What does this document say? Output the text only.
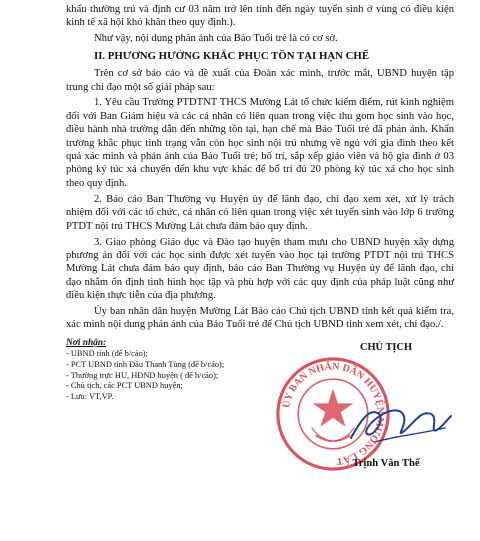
khẩu thường trú và định cư 03 năm trở lên tính đến ngày tuyển sinh ở vùng có điều kiện kinh tế xã hội khó khăn theo quy định.).

Như vậy, nội dung phản ánh của Báo Tuổi trẻ là có cơ sở.

II. PHƯƠNG HƯỚNG KHẮC PHỤC TỒN TẠI HẠN CHẾ

Trên cơ sở báo cáo và đề xuất của Đoàn xác minh, trước mắt, UBND huyện tập trung chỉ đạo một số giải pháp sau:

1. Yêu cầu Trường PTDTNT THCS Mường Lát tổ chức kiểm điểm, rút kinh nghiệm đối với Ban Giám hiệu và các cá nhân có liên quan trong việc thu gom học sinh vào học, điều hành nhà trường dẫn đến những tồn tại, hạn chế mà Báo Tuổi trẻ đã phản ánh. Khẩn trương khắc phục tình trạng vẫn còn học sinh nội trú nhưng về ngủ với gia đình theo kết quả xác minh và phản ánh của Báo Tuổi trẻ; bố trí, sắp xếp giáo viên và hộ gia đình ở 03 phòng ký túc xá chuyển đến khu vực khác để bố trí đủ 20 phòng ký túc xá cho học sinh theo quy định.

2. Báo cáo Ban Thường vụ Huyện ủy để lãnh đạo, chỉ đạo xem xét, xử lý trách nhiệm đối với các tổ chức, cá nhân có liên quan trong việc xét tuyển sinh vào lớp 6 trường PTDT nội trú THCS Mường Lát chưa đảm bảo quy định.

3. Giao phòng Giáo dục và Đào tạo huyện tham mưu cho UBND huyện xây dựng phương án đối với các học sinh được xét tuyển vào học tại trường PTDT nội trú THCS Mường Lát chưa đảm bảo quy định, báo cáo Ban Thường vụ Huyện ủy để lãnh đạo, chỉ đạo nhằm ổn định tình hình học tập và phù hợp với các quy định của pháp luật cũng như điều kiện thực tiễn của địa phương.

Ủy ban nhân dân huyện Mường Lát Báo cáo Chủ tịch UBND tỉnh kết quả kiểm tra, xác minh nội dung phản ánh của Báo Tuổi trẻ để Chủ tịch UBND tỉnh xem xét, chỉ đạo./.

Nơi nhận:
- UBND tỉnh (để b/cáo);
- PCT UBND tỉnh Đầu Thanh Tùng (để b/cáo);
- Thường trực HU, HĐND huyện ( để b/cáo);
- Chủ tịch, các PCT UBND huyện;
- Lưu: VT,VP.
CHỦ TỊCH
ỦY BAN NHÂN DÂN HUYỆN MƯỜNG LÁT Trịnh Văn Thế
